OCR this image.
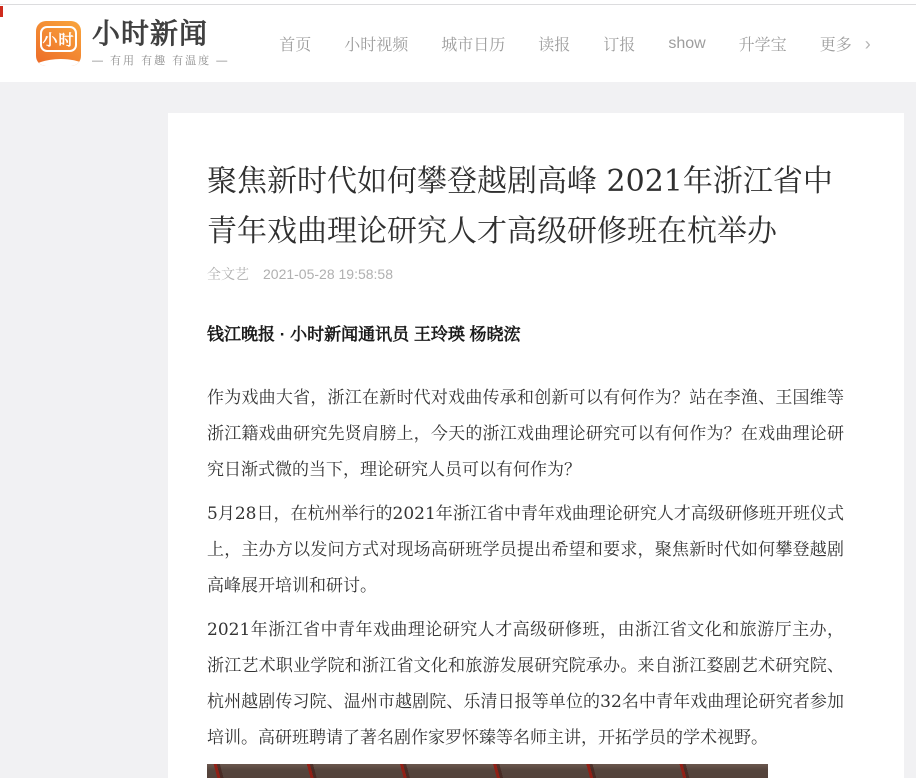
小时 小时新闻
— 有用 有趣 有温度 —
首页 小时视频 城市日历 读报 订报 show 升学宝 更多 ›
聚焦新时代如何攀登越剧高峰 2021年浙江省中青年戏曲理论研究人才高级研修班在杭举办
全文艺 2021-05-28 19:58:58
钱江晚报 · 小时新闻通讯员 王玲瑛 杨晓浤

作为戏曲大省，浙江在新时代对戏曲传承和创新可以有何作为？站在李渔、王国维等浙江籍戏曲研究先贤肩膀上，今天的浙江戏曲理论研究可以有何作为？在戏曲理论研究日渐式微的当下，理论研究人员可以有何作为？

5月28日，在杭州举行的2021年浙江省中青年戏曲理论研究人才高级研修班开班仪式上，主办方以发问方式对现场高研班学员提出希望和要求，聚焦新时代如何攀登越剧高峰展开培训和研讨。

2021年浙江省中青年戏曲理论研究人才高级研修班，由浙江省文化和旅游厅主办，浙江艺术职业学院和浙江省文化和旅游发展研究院承办。来自浙江婺剧艺术研究院、杭州越剧传习院、温州市越剧院、乐清日报等单位的32名中青年戏曲理论研究者参加培训。高研班聘请了著名剧作家罗怀臻等名师主讲，开拓学员的学术视野。
